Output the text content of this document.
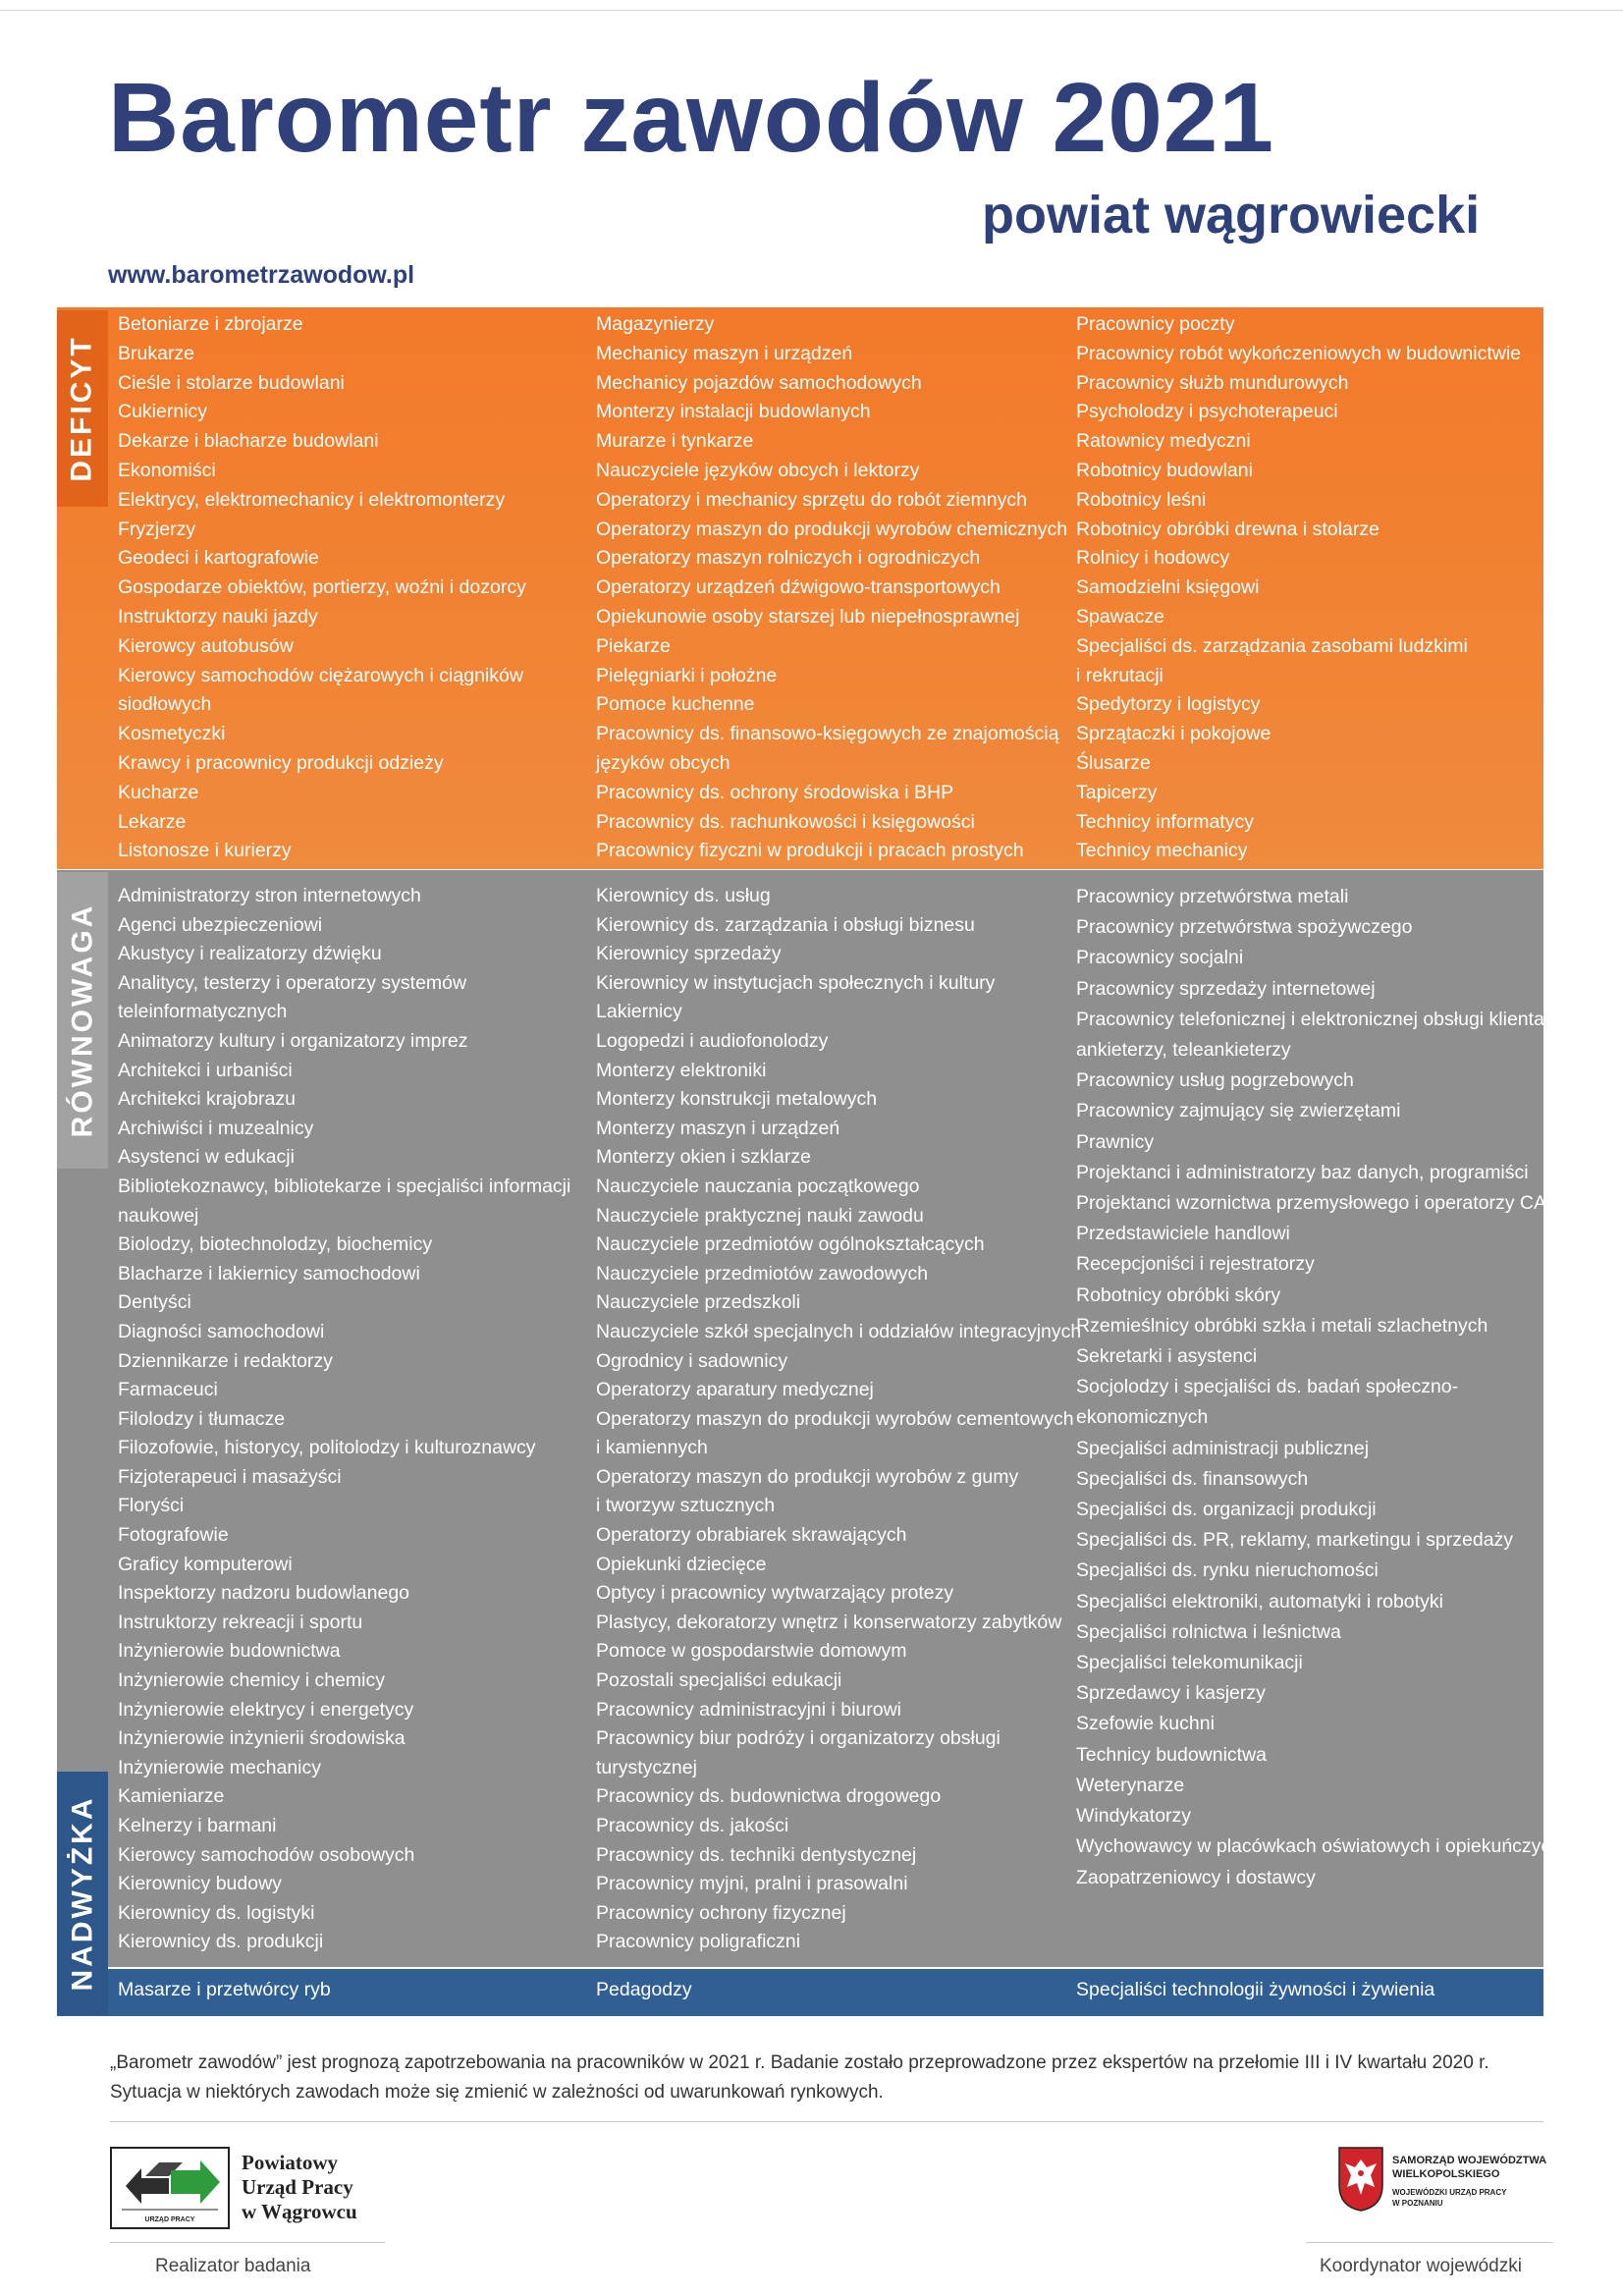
Barometr zawodów 2021
powiat wągrowiecki
www.barometrzawodow.pl
DEFICYT
Betoniarze i zbrojarze
Brukarze
Cieśle i stolarze budowlani
Cukiernicy
Dekarze i blacharze budowlani
Ekonomiści
Elektrycy, elektromechanicy i elektromonterzy
Fryzjerzy
Geodeci i kartografowie
Gospodarze obiektów, portierzy, woźni i dozorcy
Instruktorzy nauki jazdy
Kierowcy autobusów
Kierowcy samochodów ciężarowych i ciągników
siodłowych
Kosmetyczki
Krawcy i pracownicy produkcji odzieży
Kucharze
Lekarze
Listonosze i kurierzy
Magazynierzy
Mechanicy maszyn i urządzeń
Mechanicy pojazdów samochodowych
Monterzy instalacji budowlanych
Murarze i tynkarze
Nauczyciele języków obcych i lektorzy
Operatorzy i mechanicy sprzętu do robót ziemnych
Operatorzy maszyn do produkcji wyrobów chemicznych
Operatorzy maszyn rolniczych i ogrodniczych
Operatorzy urządzeń dźwigowo-transportowych
Opiekunowie osoby starszej lub niepełnosprawnej
Piekarze
Pielęgniarki i położne
Pomoce kuchenne
Pracownicy ds. finansowo-księgowych ze znajomością
języków obcych
Pracownicy ds. ochrony środowiska i BHP
Pracownicy ds. rachunkowości i księgowości
Pracownicy fizyczni w produkcji i pracach prostych
Pracownicy poczty
Pracownicy robót wykończeniowych w budownictwie
Pracownicy służb mundurowych
Psycholodzy i psychoterapeuci
Ratownicy medyczni
Robotnicy budowlani
Robotnicy leśni
Robotnicy obróbki drewna i stolarze
Rolnicy i hodowcy
Samodzielni księgowi
Spawacze
Specjaliści ds. zarządzania zasobami ludzkimi
i rekrutacji
Spedytorzy i logistycy
Sprzątaczki i pokojowe
Ślusarze
Tapicerzy
Technicy informatycy
Technicy mechanicy
RÓWNOWAGA
Administratorzy stron internetowych
Agenci ubezpieczeniowi
Akustycy i realizatorzy dźwięku
Analitycy, testerzy i operatorzy systemów
teleinformatycznych
Animatorzy kultury i organizatorzy imprez
Architekci i urbaniści
Architekci krajobrazu
Archiwiści i muzealnicy
Asystenci w edukacji
Bibliotekoznawcy, bibliotekarze i specjaliści informacji
naukowej
Biolodzy, biotechnolodzy, biochemicy
Blacharze i lakiernicy samochodowi
Dentyści
Diagności samochodowi
Dziennikarze i redaktorzy
Farmaceuci
Filolodzy i tłumacze
Filozofowie, historycy, politolodzy i kulturoznawcy
Fizjoterapeuci i masażyści
Floryści
Fotografowie
Graficy komputerowi
Inspektorzy nadzoru budowlanego
Instruktorzy rekreacji i sportu
Inżynierowie budownictwa
Inżynierowie chemicy i chemicy
Inżynierowie elektrycy i energetycy
Inżynierowie inżynierii środowiska
Inżynierowie mechanicy
Kamieniarze
Kelnerzy i barmani
Kierowcy samochodów osobowych
Kierownicy budowy
Kierownicy ds. logistyki
Kierownicy ds. produkcji
Kierownicy ds. usług
Kierownicy ds. zarządzania i obsługi biznesu
Kierownicy sprzedaży
Kierownicy w instytucjach społecznych i kultury
Lakiernicy
Logopedzi i audiofonolodzy
Monterzy elektroniki
Monterzy konstrukcji metalowych
Monterzy maszyn i urządzeń
Monterzy okien i szklarze
Nauczyciele nauczania początkowego
Nauczyciele praktycznej nauki zawodu
Nauczyciele przedmiotów ogólnokształcących
Nauczyciele przedmiotów zawodowych
Nauczyciele przedszkoli
Nauczyciele szkół specjalnych i oddziałów integracyjnych
Ogrodnicy i sadownicy
Operatorzy aparatury medycznej
Operatorzy maszyn do produkcji wyrobów cementowych
i kamiennych
Operatorzy maszyn do produkcji wyrobów z gumy
i tworzyw sztucznych
Operatorzy obrabiarek skrawających
Opiekunki dziecięce
Optycy i pracownicy wytwarzający protezy
Plastycy, dekoratorzy wnętrz i konserwatorzy zabytków
Pomoce w gospodarstwie domowym
Pozostali specjaliści edukacji
Pracownicy administracyjni i biurowi
Pracownicy biur podróży i organizatorzy obsługi
turystycznej
Pracownicy ds. budownictwa drogowego
Pracownicy ds. jakości
Pracownicy ds. techniki dentystycznej
Pracownicy myjni, pralni i prasowalni
Pracownicy ochrony fizycznej
Pracownicy poligraficzni
Pracownicy przetwórstwa metali
Pracownicy przetwórstwa spożywczego
Pracownicy socjalni
Pracownicy sprzedaży internetowej
Pracownicy telefonicznej i elektronicznej obsługi klienta,
ankieterzy, teleankieterzy
Pracownicy usług pogrzebowych
Pracownicy zajmujący się zwierzętami
Prawnicy
Projektanci i administratorzy baz danych, programiści
Projektanci wzornictwa przemysłowego i operatorzy CAD
Przedstawiciele handlowi
Recepcjoniści i rejestratorzy
Robotnicy obróbki skóry
Rzemieślnicy obróbki szkła i metali szlachetnych
Sekretarki i asystenci
Socjolodzy i specjaliści ds. badań społeczno-
ekonomicznych
Specjaliści administracji publicznej
Specjaliści ds. finansowych
Specjaliści ds. organizacji produkcji
Specjaliści ds. PR, reklamy, marketingu i sprzedaży
Specjaliści ds. rynku nieruchomości
Specjaliści elektroniki, automatyki i robotyki
Specjaliści rolnictwa i leśnictwa
Specjaliści telekomunikacji
Sprzedawcy i kasjerzy
Szefowie kuchni
Technicy budownictwa
Weterynarze
Windykatorzy
Wychowawcy w placówkach oświatowych i opiekuńczych
Zaopatrzeniowcy i dostawcy
NADWYŻKA Masarze i przetwórcy ryb	Pedagodzy	Specjaliści technologii żywności i żywienia
„Barometr zawodów” jest prognozą zapotrzebowania na pracowników w 2021 r. Badanie zostało przeprowadzone przez ekspertów na przełomie III i IV kwartału 2020 r. Sytuacja w niektórych zawodach może się zmienić w zależności od uwarunkowań rynkowych.
URZĄD PRACY
Powiatowy
Urząd Pracy
w Wągrowcu
Realizator badania
SAMORZĄD WOJEWÓDZTWA
WIELKOPOLSKIEGO
WOJEWÓDZKI URZĄD PRACY
W POZNANIU
Koordynator wojewódzki
